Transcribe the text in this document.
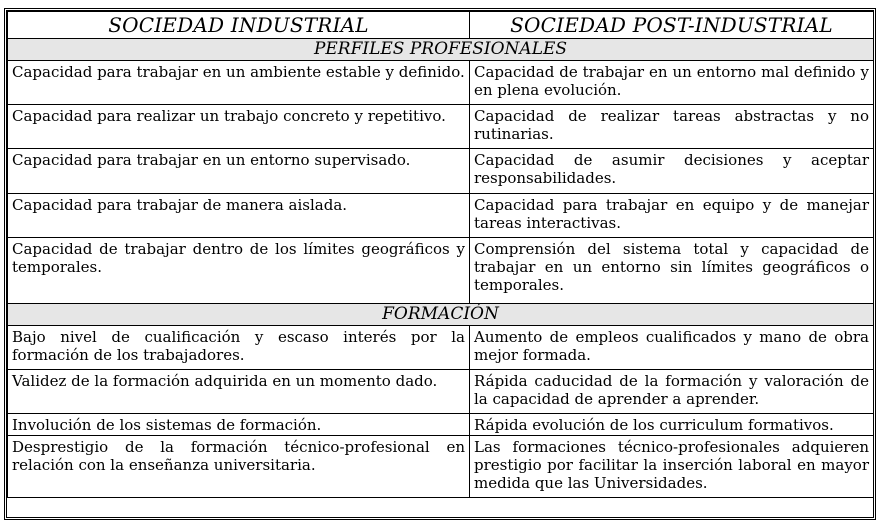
SOCIEDAD INDUSTRIAL	SOCIEDAD POST-INDUSTRIAL
PERFILES PROFESIONALES	
Capacidad para trabajar en un ambiente estable y definido.	Capacidad de trabajar en un entorno mal definido y en plena evolución.
Capacidad para realizar un trabajo concreto y repetitivo.	Capacidad de realizar tareas abstractas y no rutinarias.
Capacidad para trabajar en un entorno supervisado.	Capacidad de asumir decisiones y aceptar responsabilidades.
Capacidad para trabajar de manera aislada.	Capacidad para trabajar en equipo y de manejar tareas interactivas.
Capacidad de trabajar dentro de los límites geográficos y temporales.	Comprensión del sistema total y capacidad de trabajar en un entorno sin límites geográficos o temporales.
FORMACIÓN	
Bajo nivel de cualificación y escaso interés por la formación de los trabajadores.	Aumento de empleos cualificados y mano de obra mejor formada.
Validez de la formación adquirida en un momento dado.	Rápida caducidad de la formación y valoración de la capacidad de aprender a aprender.
Involución de los sistemas de formación.	Rápida evolución de los curriculum formativos.
Desprestigio de la formación técnico-profesional en relación con la enseñanza universitaria.	Las formaciones técnico-profesionales adquieren prestigio por facilitar la inserción laboral en mayor medida que las Universidades.
